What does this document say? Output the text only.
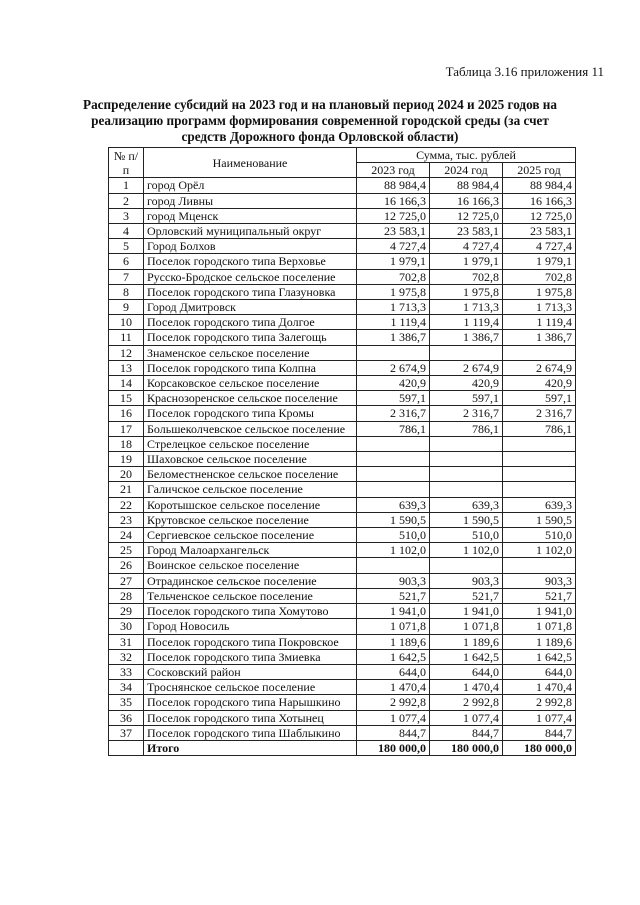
Таблица 3.16 приложения 11
Распределение субсидий на 2023 год и на плановый период 2024 и 2025 годов на реализацию программ формирования современной городской среды (за счет средств Дорожного фонда Орловской области)
№ п/п	Наименование	Сумма, тыс. рублей		
		2023 год	2024 год	2025 год
1	город Орёл	88 984,4	88 984,4	88 984,4
2	город Ливны	16 166,3	16 166,3	16 166,3
3	город Мценск	12 725,0	12 725,0	12 725,0
4	Орловский муниципальный округ	23 583,1	23 583,1	23 583,1
5	Город Болхов	4 727,4	4 727,4	4 727,4
6	Поселок городского типа Верховье	1 979,1	1 979,1	1 979,1
7	Русско-Бродское сельское поселение	702,8	702,8	702,8
8	Поселок городского типа Глазуновка	1 975,8	1 975,8	1 975,8
9	Город Дмитровск	1 713,3	1 713,3	1 713,3
10	Поселок городского типа Долгое	1 119,4	1 119,4	1 119,4
11	Поселок городского типа Залегощь	1 386,7	1 386,7	1 386,7
12	Знаменское сельское поселение			
13	Поселок городского типа Колпна	2 674,9	2 674,9	2 674,9
14	Корсаковское сельское поселение	420,9	420,9	420,9
15	Краснозоренское сельское поселение	597,1	597,1	597,1
16	Поселок городского типа Кромы	2 316,7	2 316,7	2 316,7
17	Большеколчевское сельское поселение	786,1	786,1	786,1
18	Стрелецкое сельское поселение			
19	Шаховское сельское поселение			
20	Беломестненское сельское поселение			
21	Галичское сельское поселение			
22	Коротышское сельское поселение	639,3	639,3	639,3
23	Крутовское сельское поселение	1 590,5	1 590,5	1 590,5
24	Сергиевское сельское поселение	510,0	510,0	510,0
25	Город Малоархангельск	1 102,0	1 102,0	1 102,0
26	Воинское сельское поселение			
27	Отрадинское сельское поселение	903,3	903,3	903,3
28	Тельченское сельское поселение	521,7	521,7	521,7
29	Поселок городского типа Хомутово	1 941,0	1 941,0	1 941,0
30	Город Новосиль	1 071,8	1 071,8	1 071,8
31	Поселок городского типа Покровское	1 189,6	1 189,6	1 189,6
32	Поселок городского типа Змиевка	1 642,5	1 642,5	1 642,5
33	Сосковский район	644,0	644,0	644,0
34	Троснянское сельское поселение	1 470,4	1 470,4	1 470,4
35	Поселок городского типа Нарышкино	2 992,8	2 992,8	2 992,8
36	Поселок городского типа Хотынец	1 077,4	1 077,4	1 077,4
37	Поселок городского типа Шаблыкино	844,7	844,7	844,7
	Итого	180 000,0	180 000,0	180 000,0
